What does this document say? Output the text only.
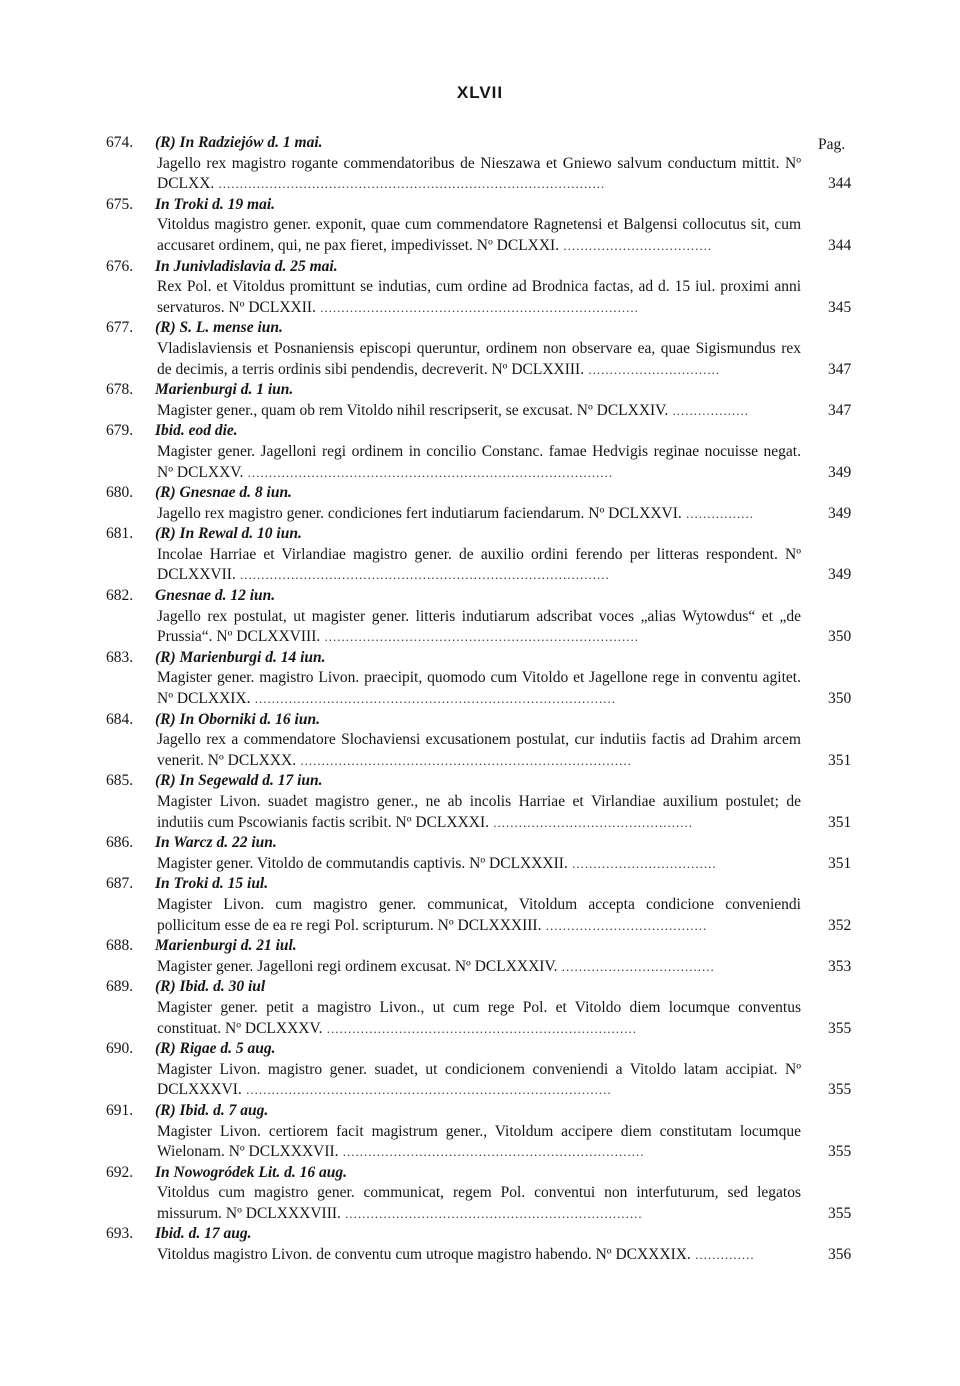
XLVII
Pag.
674. (R) In Radziejów d. 1 mai.
Jagello rex magistro rogante commendatoribus de Nieszawa et Gniewo salvum conductum mittit. Nº DCLXX. ...........................................................................................	344
675. In Troki d. 19 mai.
Vitoldus magistro gener. exponit, quae cum commendatore Ragnetensi et Balgensi collocutus sit, cum accusaret ordinem, qui, ne pax fieret, impedivisset. Nº DCLXXI. ...................................	344
676. In Junivladislavia d. 25 mai.
Rex Pol. et Vitoldus promittunt se indutias, cum ordine ad Brodnica factas, ad d. 15 iul. proximi anni servaturos. Nº DCLXXII. ...........................................................................	345
677. (R) S. L. mense iun.
Vladislaviensis et Posnaniensis episcopi queruntur, ordinem non observare ea, quae Sigismundus rex de decimis, a terris ordinis sibi pendendis, decreverit. Nº DCLXXIII. ...............................	347
678. Marienburgi d. 1 iun.
Magister gener., quam ob rem Vitoldo nihil rescripserit, se excusat. Nº DCLXXIV. ..................	347
679. Ibid. eod die.
Magister gener. Jagelloni regi ordinem in concilio Constanc. famae Hedvigis reginae nocuisse negat. Nº DCLXXV. ......................................................................................	349
680. (R) Gnesnae d. 8 iun.
Jagello rex magistro gener. condiciones fert indutiarum faciendarum. Nº DCLXXVI. ................	349
681. (R) In Rewal d. 10 iun.
Incolae Harriae et Virlandiae magistro gener. de auxilio ordini ferendo per litteras respondent. Nº DCLXXVII. .......................................................................................	349
682. Gnesnae d. 12 iun.
Jagello rex postulat, ut magister gener. litteris indutiarum adscribat voces „alias Wytowdus“ et „de Prussia“. Nº DCLXXVIII. ..........................................................................	350
683. (R) Marienburgi d. 14 iun.
Magister gener. magistro Livon. praecipit, quomodo cum Vitoldo et Jagellone rege in conventu agitet. Nº DCLXXIX. .....................................................................................	350
684. (R) In Oborniki d. 16 iun.
Jagello rex a commendatore Slochaviensi excusationem postulat, cur indutiis factis ad Drahim arcem venerit. Nº DCLXXX. ..............................................................................	351
685. (R) In Segewald d. 17 iun.
Magister Livon. suadet magistro gener., ne ab incolis Harriae et Virlandiae auxilium postulet; de indutiis cum Pscowianis factis scribit. Nº DCLXXXI. ...............................................	351
686. In Warcz d. 22 iun.
Magister gener. Vitoldo de commutandis captivis. Nº DCLXXXII. ..................................	351
687. In Troki d. 15 iul.
Magister Livon. cum magistro gener. communicat, Vitoldum accepta condicione conveniendi pollicitum esse de ea re regi Pol. scripturum. Nº DCLXXXIII. ......................................	352
688. Marienburgi d. 21 iul.
Magister gener. Jagelloni regi ordinem excusat. Nº DCLXXXIV. ....................................	353
689. (R) Ibid. d. 30 iul
Magister gener. petit a magistro Livon., ut cum rege Pol. et Vitoldo diem locumque conventus constituat. Nº DCLXXXV. .........................................................................	355
690. (R) Rigae d. 5 aug.
Magister Livon. magistro gener. suadet, ut condicionem conveniendi a Vitoldo latam accipiat. Nº DCLXXXVI. ......................................................................................	355
691. (R) Ibid. d. 7 aug.
Magister Livon. certiorem facit magistrum gener., Vitoldum accipere diem constitutam locumque Wielonam. Nº DCLXXXVII. .......................................................................	355
692. In Nowogródek Lit. d. 16 aug.
Vitoldus cum magistro gener. communicat, regem Pol. conventui non interfuturum, sed legatos missurum. Nº DCLXXXVIII. ......................................................................	355
693. Ibid. d. 17 aug.
Vitoldus magistro Livon. de conventu cum utroque magistro habendo. Nº DCXXXIX. ..............	356
